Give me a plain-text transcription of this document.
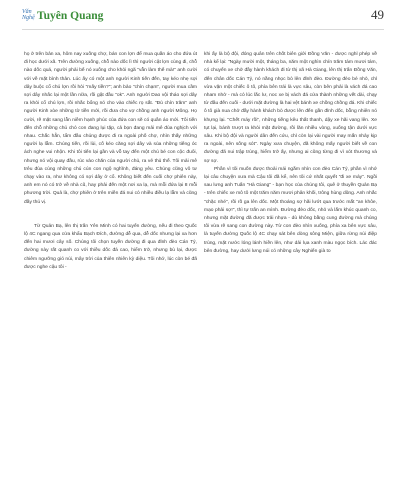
Văn
Nghệ Tuyên Quang	49

họ ở trên bản xa, hôm nay xuống chợ, bán con lợn để mua quần áo cho đứa út đi học dưới xã. Trên đường xuống, chỗ nào dốc lì thì người cật lợn cùng đi, chỗ nào dốc quá, người phải bế nó xuống cho khỏi ngã "vẫn làm thế mà!" anh cười với về mặt bình thản. Lúc ấy có một anh người Kinh tiến đến, tay kéo nhẹ sợi dây buộc cổ chú lợn rồi hỏi "mấy tiền?"; anh bảo "chín chạm", người mua cầm sợi dây nhấc lại một lần nữa, rồi gật đầu "ok". Anh người Dao vội tháo sợi dây ra khỏi cổ chú lợn, rồi nhắc bổng nó cho vào chiếc rọ sắt. "Đủ chín trăm" anh người Kinh xòe những tờ tiền mới, rồi đưa cho vợ chồng anh người Mông. Họ cười, rẽ mặt sang lẫn niềm hạnh phúc của đứa con sẽ có quần áo mới. Tôi tiến đến chỗ những chú chó con đang lụi tặp, cả bọn đang mải mê đùa nghịch với nhau. Chắc hẳn, tẩm đầu chúng được đi ra ngoài phố chợ, nhìn thấy những người lạ lẫm. Chúng tiến, rồi lùi, cố kéo căng sợi dây và sủa những tiếng óc ách nghe vui nhộn. Khi tôi tiến lại gần và vỗ tay đến một chú bé con cộc đuôi, nhưng nó vội quay đầu, rúc vào chăn của người chủ, ra vẻ thủ thế. Tôi mải mê trêu đùa cùng những chú cún con ngộ nghĩnh, đáng yêu. Chúng cũng vô tư chạy vào ra, như không có sợi dây ở cổ. Không biết đến cuối chợ phiên này, anh em nó có trở về nhà cũ, hay phải đến một nơi xa lạ, mà mỗi đứa lại 8 mỗi phương trời. Quả là, chợ phiên ở trên miền đá nui có nhiều điều lạ lẫm và cũng đầy thú vị.

Từ Quản Bạ, lên thị trấn Yên Minh có hai tuyến đường, nếu đi theo Quốc lộ 4C ngang qua cửa khẩu Bạch Đích, đường dễ qua, dễ dốc nhưng lại xa hơn đến hai mươi cây số. Chúng tôi chọn tuyến đường đi qua đỉnh đèo Cán Tỷ, đường này rất quanh co với thiều dốc đá cao, hiểm trở, nhưng bù lại, được chiêm ngưỡng gió núi, mây trời của thiên nhiên kỳ diệu. Tôi nhớ, lúc còn bé đã được nghe cậu tôi -

khi ấy là bộ đội, đóng quân trên chốt biên giới Đồng Văn - được nghỉ phép về nhà kể lại: "Ngày mười một, tháng ba, năm một nghìn chín trăm tám mươi tám, có chuyến xe chở đầy hành khách đi từ thị xã Hà Giang, lên thị trấn Đồng Văn, đến chân dốc Cán Tỷ, nó nằng nhọc bò lên đỉnh đèo. Đường đèo bé nhỏ, chỉ vừa vặn một chiếc ô tô, phía bên trái là vực sâu, còn bên phải là vách đá cao nham nhở - mà có lúc lắc lư, noc xe bị vách đá cứa thành những vết dài, chạy từ đầu đến cuối - dưới mặt đường là hai vệt bánh xe chồng chồng đá. Khi chiếc ô tô già nua chở đầy hành khách bò được lên đến gần đỉnh dốc, bỗng nhiên nó khựng lại. "Chết máy rồi", những tiếng kêu thất thanh, dậy xe hãi vang lên. Xe tụt lại, bánh trượt ra khỏi mặt đường, rồi lăn nhiều vòng, xuống tận dưới vực sâu. Khi bộ đội và người dân đến cứu, chỉ còn lại vài người may mắn nhảy kịp ra ngoài, nên sống sót". Ngày xưa chuyện, đã không mấy người biết về con đường đã nui trập trùng, hiểm trở ấy, nhưng ai cũng từng đi vì xót thương và sợ sợ.

Phần vì tôi muốn được thoải mái ngắm nhìn con đèo Cán Tỷ, phần vì nhớ lại câu chuyện xưa mà Cậu tôi đã kể, nên tôi cứ nhất quyết "đi xe máy". Ngồi sau lưng anh Tuấn "Hà Giang" - bạn học của chúng tôi, quê ở thuyền Quản Bạ - trên chiếc xe mô tô một trăm năm mươi phân khối, trông hùng dũng. Anh nhắc "chặc nhé", rồi rồ ga lên dốc. Một thoáng sợ hãi lướt qua trước mắt "an khôe, mạo phải sợ!", thì tự trấn an mình. Đường đèo dốc, nhỏ và lắm khúc quanh co, nhưng mặt đường đã được trải nhựa - dù không bằng cung đường mà chúng tôi vừa rẽ sang con đường này. Từ con đèo nhìn xuống, phía xa bên vực sâu, là tuyến đường Quốc lộ 4C chạy sát bên dòng sông Miện, giữa rừng núi điệp trùng, mặt nước lóng lánh hiền lên, như dải lụa xanh màu ngọc bích. Lác đác bên đường, hay dưới lưng núi có những cây Nghiến già to
